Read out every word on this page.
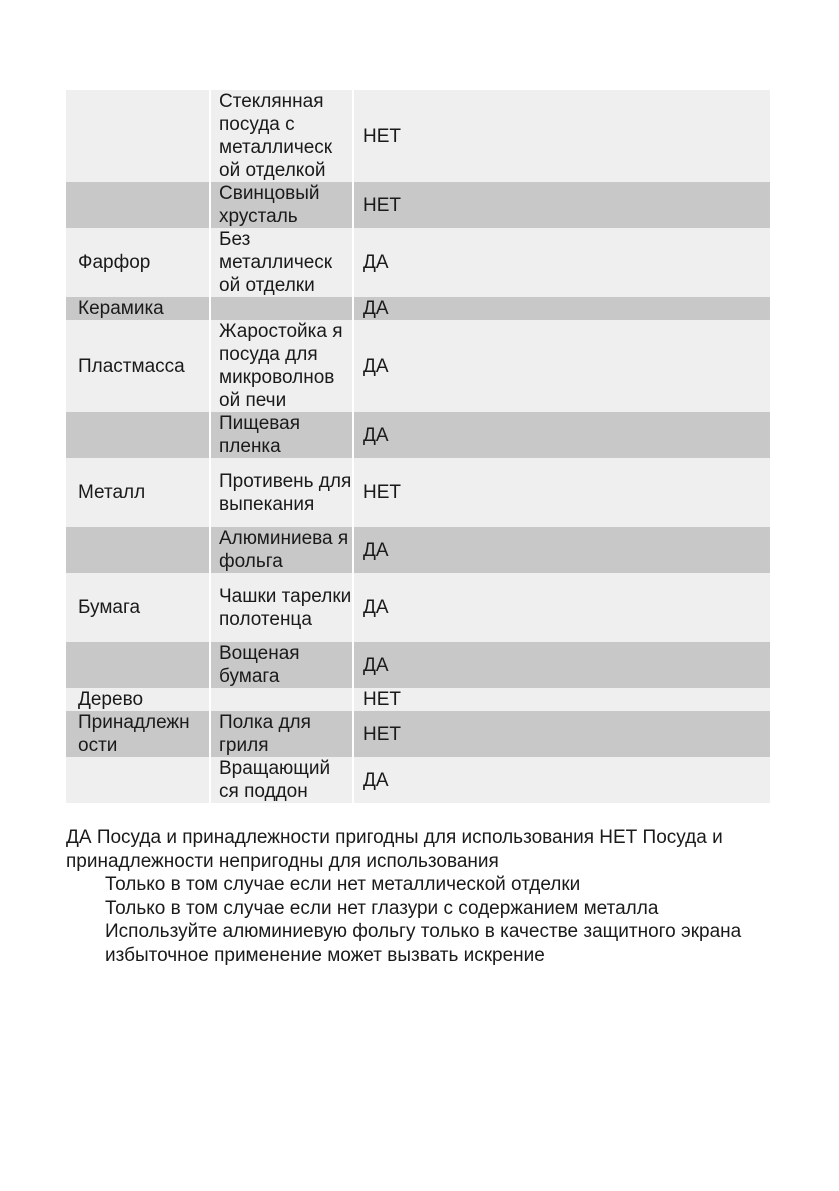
	Стеклянная посуда с металлическ ой отделкой	НЕТ
	Свинцовый хрусталь	НЕТ
Фарфор	Без металлическ ой отделки	ДА
Керамика		ДА
Пластмасса	Жаростойка я посуда для микроволнов ой печи	ДА
	Пищевая пленка	ДА
Металл	Противень для выпекания	НЕТ
	Алюминиева я фольга	ДА
Бумага	Чашки тарелки полотенца	ДА
	Вощеная бумага	ДА
Дерево		НЕТ
Принадлежн ости	Полка для гриля	НЕТ
	Вращающий ся поддон	ДА

ДА Посуда и принадлежности пригодны для использования НЕТ Посуда и принадлежности непригодны для использования

Только в том случае если нет металлической отделки

Только в том случае если нет глазури с содержанием металла

Используйте алюминиевую фольгу только в качестве защитного экрана избыточное применение может вызвать искрение
